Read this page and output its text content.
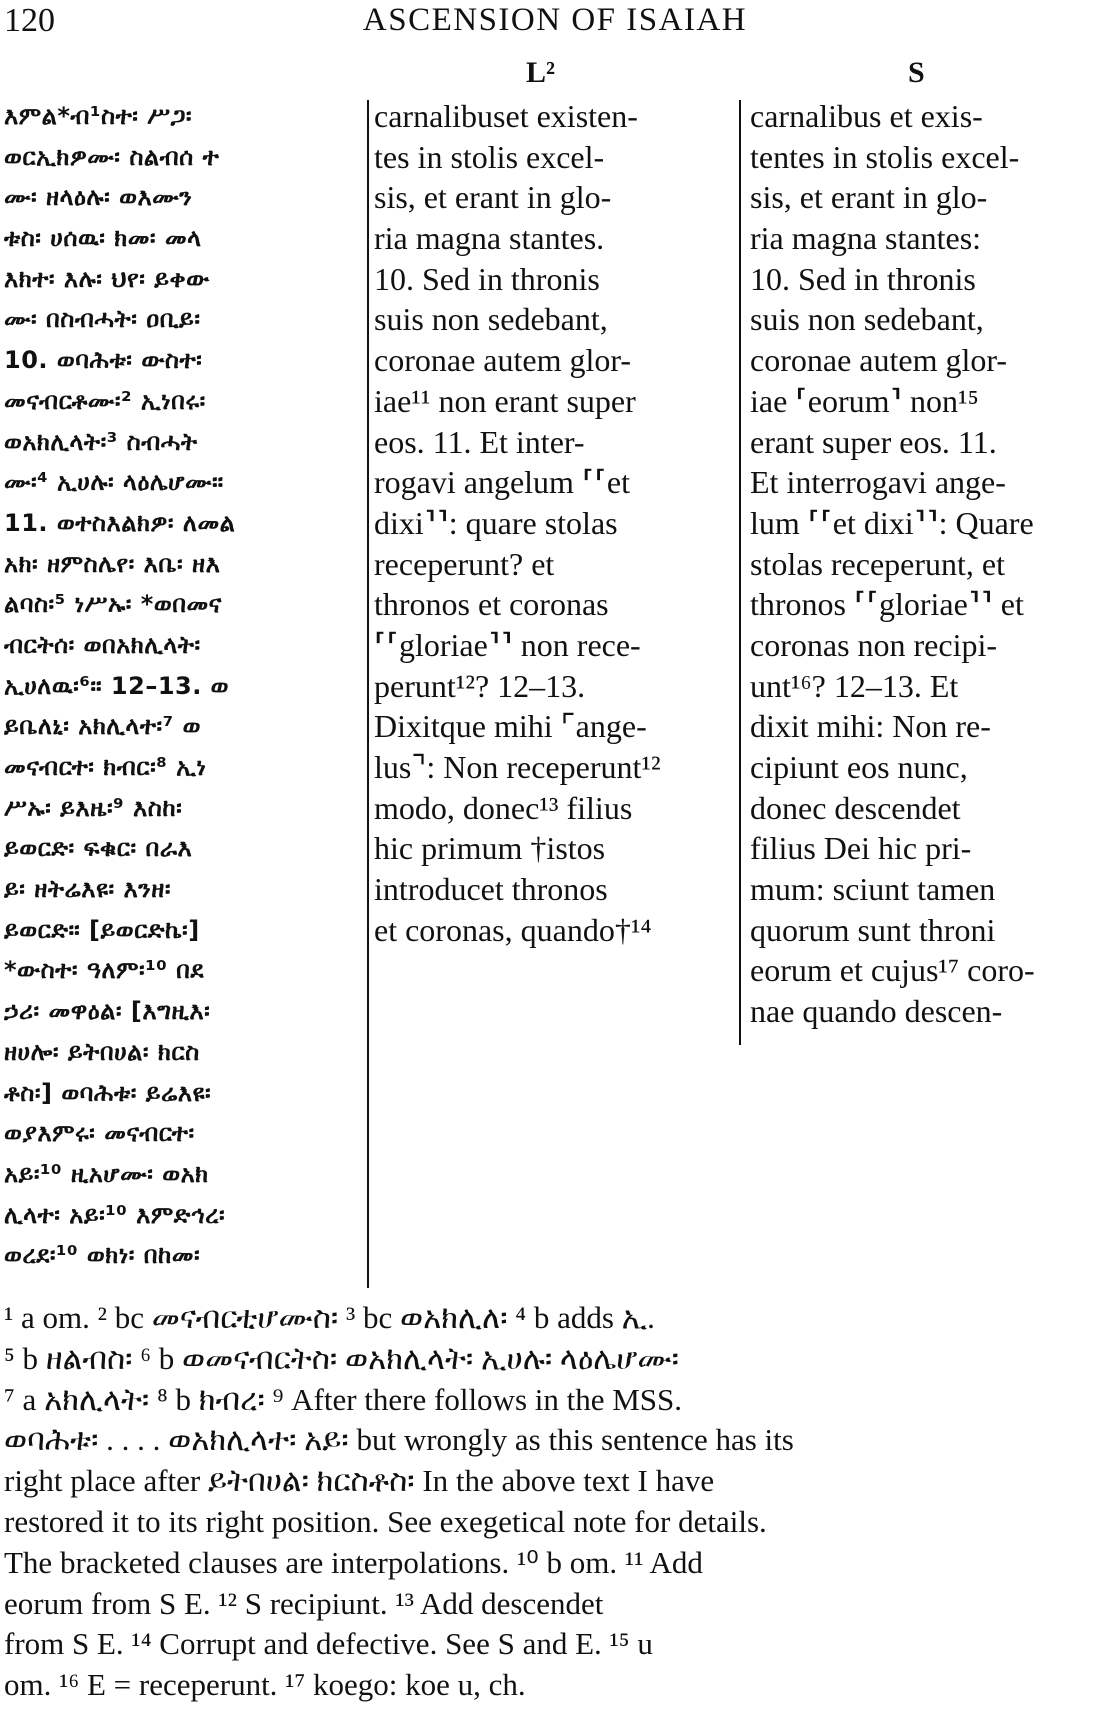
120	ASCENSION OF ISAIAH
L²	S
እምል*ብ¹ስተ፡ ሥጋ፡
ወርኢክዎሙ፡ ስልብሰ ተ
ሙ፡ ዘላዕሉ፡ ወእሙን
ቱስ፡ ሀሰዉ፡ ክመ፡ መላ
እክተ፡ እሉ፡ ህየ፡ ይቀው
ሙ፡ በስብሓት፡ ዐቢይ፡
10. ወባሕቱ፡ ውስተ፡
መናብርቶሙ፡² ኢነበሩ፡
ወአክሊላት፡³ ስብሓት
ሙ፡⁴ ኢሀሉ፡ ላዕሌሆሙ።
11. ወተስእልክዎ፡ ለመል
አክ፡ ዘምስሌየ፡ እቤ፡ ዘእ
ልባስ፡⁵ ነሥኡ፡ *ወበመና
ብርትሰ፡ ወበአክሊላት፡
ኢሀለዉ፡⁶። 12–13. ወ
ይቤለኒ፡ አክሊላተ፡⁷ ወ
መናብርተ፡ ክብር፡⁸ ኢነ
ሥኡ፡ ይእዜ፡⁹ እስከ፡
ይወርድ፡ ፍቁር፡ በራእ
ይ፡ ዘትሬእዩ፡ እንዘ፡
ይወርድ። [ይወርድኬ፡]
*ውስተ፡ ዓለም፡¹⁰ በደ
ኃሪ፡ መዋዕል፡ [እግዚእ፡
ዘሀሎ፡ ይትበሀል፡ ክርስ
ቶስ፡] ወባሕቱ፡ ይሬእዩ፡
ወያእምሩ፡ መናብርተ፡
አይ፡¹⁰ ዚአሆሙ፡ ወአክ
ሊላተ፡ አይ፡¹⁰ እምድኅረ፡
ወረደ፡¹⁰ ወክነ፡ በከመ፡
carnalibuset existen-
tes in stolis excel-
sis, et erant in glo-
ria magna stantes.
10. Sed in thronis
suis non sedebant,
coronae autem glor-
iae¹¹ non erant super
eos. 11. Et inter-
rogavi angelum ⸢⸢et
dixi⸣⸣: quare stolas
receperunt? et
thronos et coronas
⸢⸢gloriae⸣⸣ non rece-
perunt¹²? 12–13.
Dixitque mihi ⌜ange-
lus⌝: Non receperunt¹²
modo, donec¹³ filius
hic primum †istos
introducet thronos
et coronas, quando†¹⁴
carnalibus et exis-
tentes in stolis excel-
sis, et erant in glo-
ria magna stantes:
10. Sed in thronis
suis non sedebant,
coronae autem glor-
iae ⸢eorum⸣ non¹⁵
erant super eos. 11.
Et interrogavi ange-
lum ⸢⸢et dixi⸣⸣: Quare
stolas receperunt, et
thronos ⸢⸢gloriae⸣⸣ et
coronas non recipi-
unt¹⁶? 12–13. Et
dixit mihi: Non re-
cipiunt eos nunc,
donec descendet
filius Dei hic pri-
mum: sciunt tamen
quorum sunt throni
eorum et cujus¹⁷ coro-
nae quando descen-
¹ a om. ² bc መናብርቲሆሙስ፡ ³ bc ወአክሊለ፡ ⁴ b adds ኢ.
⁵ b ዘልብስ፡ ⁶ b ወመናብርትስ፡ ወአክሊላት፡ ኢሀሉ፡ ላዕሌሆሙ፡
⁷ a አክሊላት፡ ⁸ b ክብረ፡ ⁹ After there follows in the MSS.
ወባሕቱ፡ . . . . ወአክሊላተ፡ አይ፡ but wrongly as this sentence has its
right place after ይትበሀል፡ ክርስቶስ፡ In the above text I have
restored it to its right position. See exegetical note for details.
The bracketed clauses are interpolations. ¹⁰ b om. ¹¹ Add
eorum from S E. ¹² S recipiunt. ¹³ Add descendet
from S E. ¹⁴ Corrupt and defective. See S and E. ¹⁵ u
om. ¹⁶ E = receperunt. ¹⁷ koego: koe u, ch.
